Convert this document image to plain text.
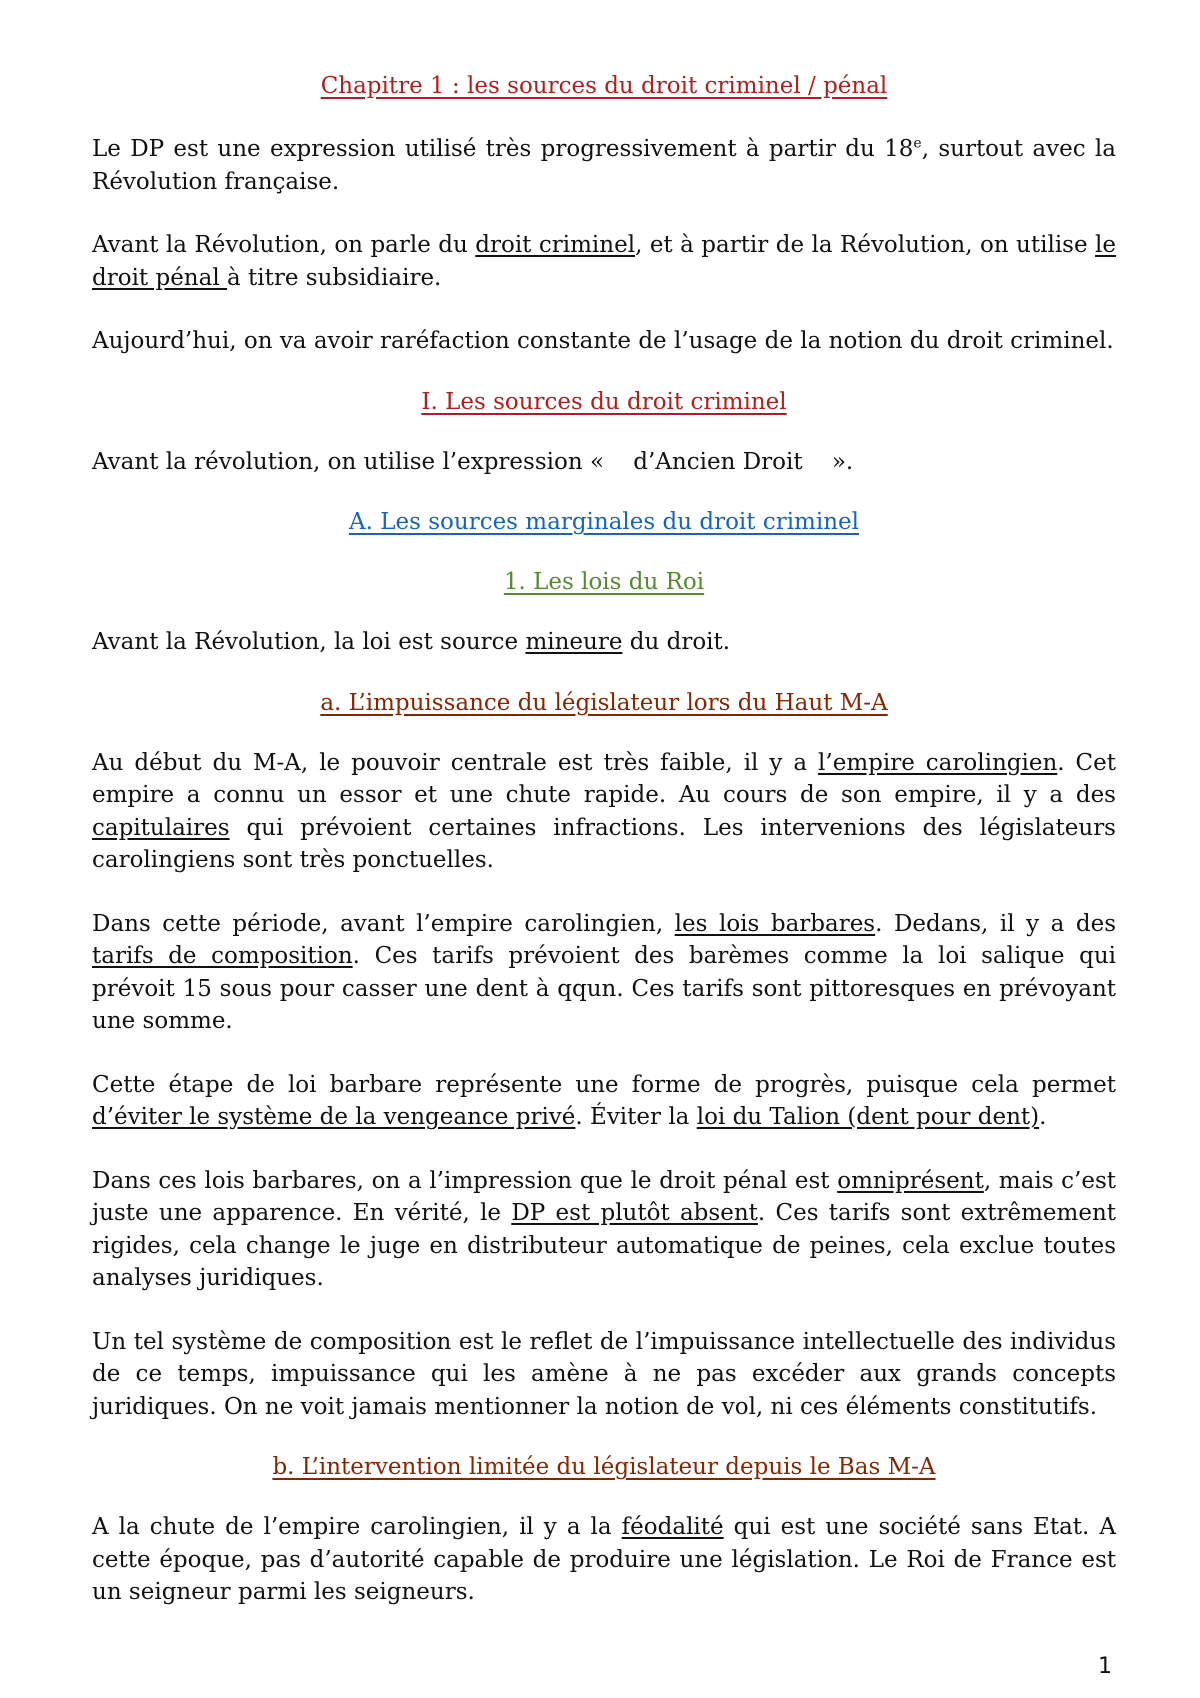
Chapitre 1 : les sources du droit criminel / pénal

Le DP est une expression utilisé très progressivement à partir du 18e, surtout avec la Révolution française.

Avant la Révolution, on parle du droit criminel, et à partir de la Révolution, on utilise le droit pénal à titre subsidiaire.

Aujourd’hui, on va avoir raréfaction constante de l’usage de la notion du droit criminel.

I. Les sources du droit criminel

Avant la révolution, on utilise l’expression «    d’Ancien Droit    ».

A. Les sources marginales du droit criminel
1. Les lois du Roi

Avant la Révolution, la loi est source mineure du droit.

a. L’impuissance du législateur lors du Haut M-A

Au début du M-A, le pouvoir centrale est très faible, il y a l’empire carolingien. Cet empire a connu un essor et une chute rapide. Au cours de son empire, il y a des capitulaires qui prévoient certaines infractions. Les intervenions des législateurs carolingiens sont très ponctuelles.

Dans cette période, avant l’empire carolingien, les lois barbares. Dedans, il y a des tarifs de composition. Ces tarifs prévoient des barèmes comme la loi salique qui prévoit 15 sous pour casser une dent à qqun. Ces tarifs sont pittoresques en prévoyant une somme.

Cette étape de loi barbare représente une forme de progrès, puisque cela permet d’éviter le système de la vengeance privé. Éviter la loi du Talion (dent pour dent).

Dans ces lois barbares, on a l’impression que le droit pénal est omniprésent, mais c’est juste une apparence. En vérité, le DP est plutôt absent. Ces tarifs sont extrêmement rigides, cela change le juge en distributeur automatique de peines, cela exclue toutes analyses juridiques.

Un tel système de composition est le reflet de l’impuissance intellectuelle des individus de ce temps, impuissance qui les amène à ne pas excéder aux grands concepts juridiques. On ne voit jamais mentionner la notion de vol, ni ces éléments constitutifs.

b. L’intervention limitée du législateur depuis le Bas M-A

A la chute de l’empire carolingien, il y a la féodalité qui est une société sans Etat. A cette époque, pas d’autorité capable de produire une législation. Le Roi de France est un seigneur parmi les seigneurs.

1
